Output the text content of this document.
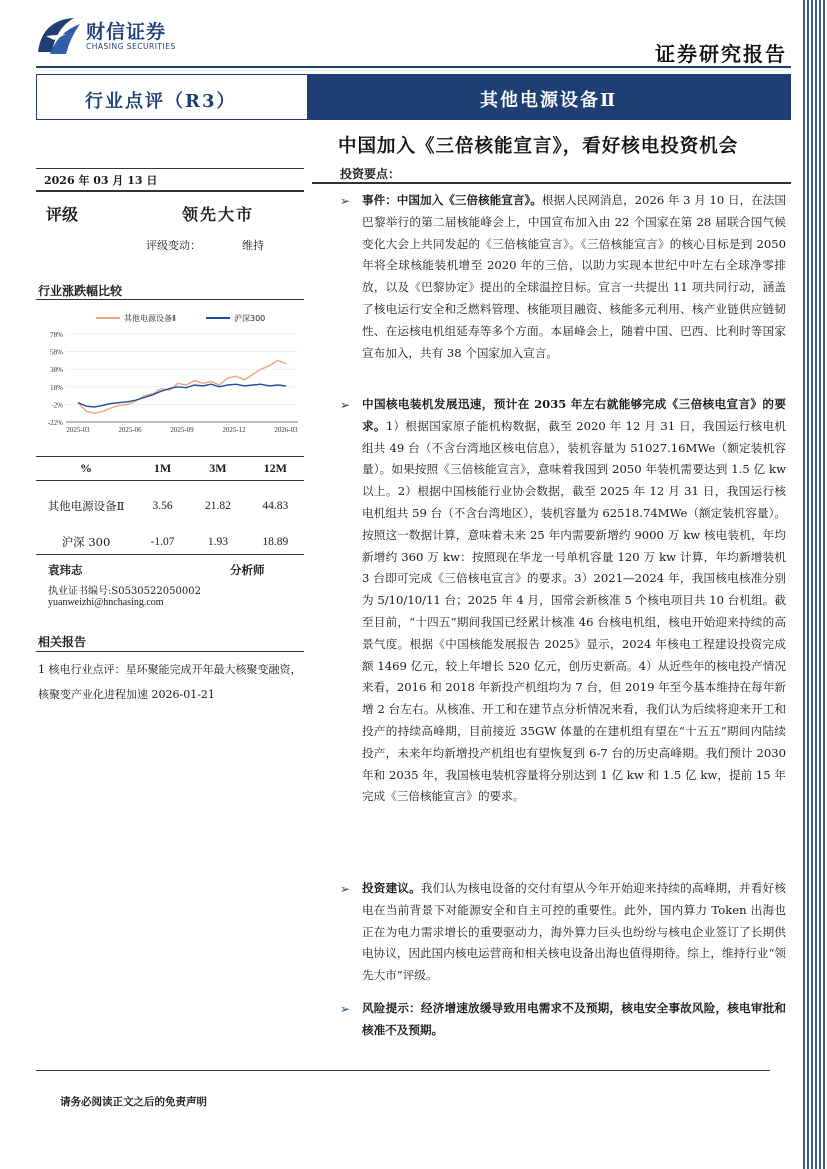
财信证券
CHASING SECURITIES	证券研究报告
行业点评（R3）	其他电源设备Ⅱ
中国加入《三倍核能宣言》，看好核电投资机会
2026 年 03 月 13 日
评级	领先大市
评级变动：	维持
行业涨跌幅比较
其他电源设备Ⅱ	沪深300
78%
58%
38%
18%
-2%
-22%
2025-03	2025-06	2025-09	2025-12	2026-03
%	1M	3M	12M
其他电源设备Ⅱ	3.56	21.82	44.83
沪深 300	-1.07	1.93	18.89
袁玮志	分析师
执业证书编号:S0530522050002
yuanweizhi@hnchasing.com
相关报告
1 核电行业点评：星环聚能完成开年最大核聚变融资，核聚变产业化进程加速 2026-01-21
投资要点：
➢ 事件：中国加入《三倍核能宣言》。根据人民网消息，2026 年 3 月 10 日，在法国巴黎举行的第二届核能峰会上，中国宣布加入由 22 个国家在第 28 届联合国气候变化大会上共同发起的《三倍核能宣言》。《三倍核能宣言》的核心目标是到 2050 年将全球核能装机增至 2020 年的三倍，以助力实现本世纪中叶左右全球净零排放，以及《巴黎协定》提出的全球温控目标。宣言一共提出 11 项共同行动，涵盖了核电运行安全和乏燃料管理、核能项目融资、核能多元利用、核产业链供应链韧性、在运核电机组延寿等多个方面。本届峰会上，随着中国、巴西、比利时等国家宣布加入，共有 38 个国家加入宣言。
➢ 中国核电装机发展迅速，预计在 2035 年左右就能够完成《三倍核电宣言》的要求。1）根据国家原子能机构数据，截至 2020 年 12 月 31 日，我国运行核电机组共 49 台（不含台湾地区核电信息），装机容量为 51027.16MWe（额定装机容量）。如果按照《三倍核能宣言》，意味着我国到 2050 年装机需要达到 1.5 亿 kw 以上。2）根据中国核能行业协会数据，截至 2025 年 12 月 31 日，我国运行核电机组共 59 台（不含台湾地区），装机容量为 62518.74MWe（额定装机容量）。按照这一数据计算，意味着未来 25 年内需要新增约 9000 万 kw 核电装机，年均新增约 360 万 kw：按照现在华龙一号单机容量 120 万 kw 计算，年均新增装机 3 台即可完成《三倍核电宣言》的要求。3）2021—2024 年，我国核电核准分别为 5/10/10/11 台；2025 年 4 月，国常会新核准 5 个核电项目共 10 台机组。截至目前，“十四五”期间我国已经累计核准 46 台核电机组，核电开始迎来持续的高景气度。根据《中国核能发展报告 2025》显示，2024 年核电工程建设投资完成额 1469 亿元，较上年增长 520 亿元，创历史新高。4）从近些年的核电投产情况来看，2016 和 2018 年新投产机组均为 7 台，但 2019 年至今基本维持在每年新增 2 台左右。从核准、开工和在建节点分析情况来看，我们认为后续将迎来开工和投产的持续高峰期，目前接近 35GW 体量的在建机组有望在“十五五”期间内陆续投产，未来年均新增投产机组也有望恢复到 6-7 台的历史高峰期。我们预计 2030 年和 2035 年，我国核电装机容量将分别达到 1 亿 kw 和 1.5 亿 kw，提前 15 年完成《三倍核能宣言》的要求。
➢ 投资建议。我们认为核电设备的交付有望从今年开始迎来持续的高峰期，并看好核电在当前背景下对能源安全和自主可控的重要性。此外，国内算力 Token 出海也正在为电力需求增长的重要驱动力，海外算力巨头也纷纷与核电企业签订了长期供电协议，因此国内核电运营商和相关核电设备出海也值得期待。综上，维持行业“领先大市”评级。
➢ 风险提示：经济增速放缓导致用电需求不及预期，核电安全事故风险，核电审批和核准不及预期。
请务必阅读正文之后的免责声明
